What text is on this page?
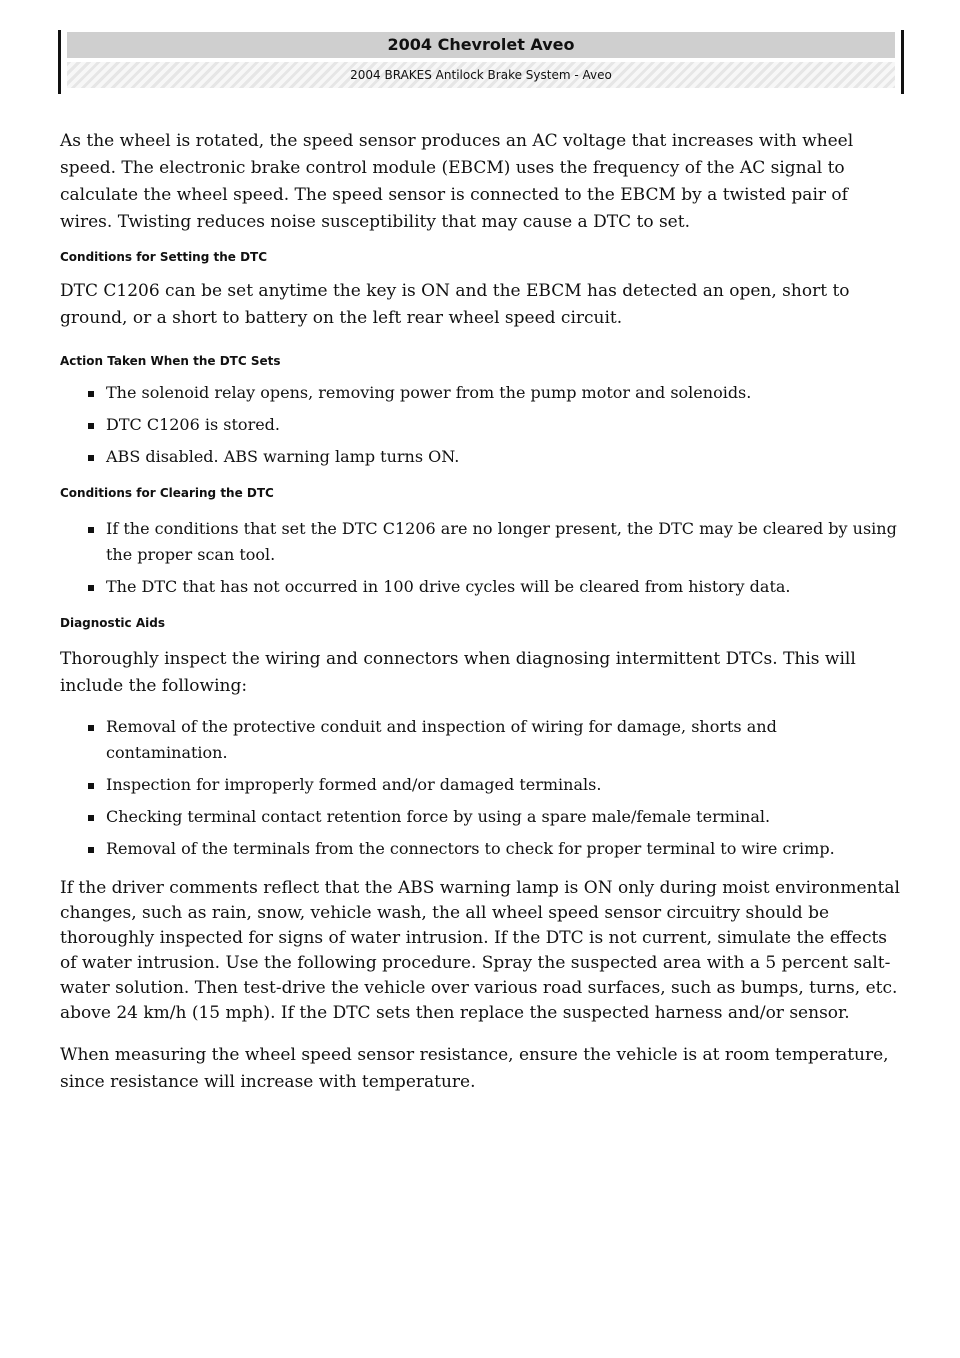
2004 Chevrolet Aveo
2004 BRAKES Antilock Brake System - Aveo

As the wheel is rotated, the speed sensor produces an AC voltage that increases with wheel speed. The electronic brake control module (EBCM) uses the frequency of the AC signal to calculate the wheel speed. The speed sensor is connected to the EBCM by a twisted pair of wires. Twisting reduces noise susceptibility that may cause a DTC to set.

Conditions for Setting the DTC

DTC C1206 can be set anytime the key is ON and the EBCM has detected an open, short to ground, or a short to battery on the left rear wheel speed circuit.

Action Taken When the DTC Sets
The solenoid relay opens, removing power from the pump motor and solenoids.
DTC C1206 is stored.
ABS disabled. ABS warning lamp turns ON.
Conditions for Clearing the DTC
If the conditions that set the DTC C1206 are no longer present, the DTC may be cleared by using the proper scan tool.
The DTC that has not occurred in 100 drive cycles will be cleared from history data.
Diagnostic Aids

Thoroughly inspect the wiring and connectors when diagnosing intermittent DTCs. This will include the following:

Removal of the protective conduit and inspection of wiring for damage, shorts and contamination.
Inspection for improperly formed and/or damaged terminals.
Checking terminal contact retention force by using a spare male/female terminal.
Removal of the terminals from the connectors to check for proper terminal to wire crimp.

If the driver comments reflect that the ABS warning lamp is ON only during moist environmental changes, such as rain, snow, vehicle wash, the all wheel speed sensor circuitry should be thoroughly inspected for signs of water intrusion. If the DTC is not current, simulate the effects of water intrusion. Use the following procedure. Spray the suspected area with a 5 percent salt-water solution. Then test-drive the vehicle over various road surfaces, such as bumps, turns, etc. above 24 km/h (15 mph). If the DTC sets then replace the suspected harness and/or sensor.

When measuring the wheel speed sensor resistance, ensure the vehicle is at room temperature, since resistance will increase with temperature.
